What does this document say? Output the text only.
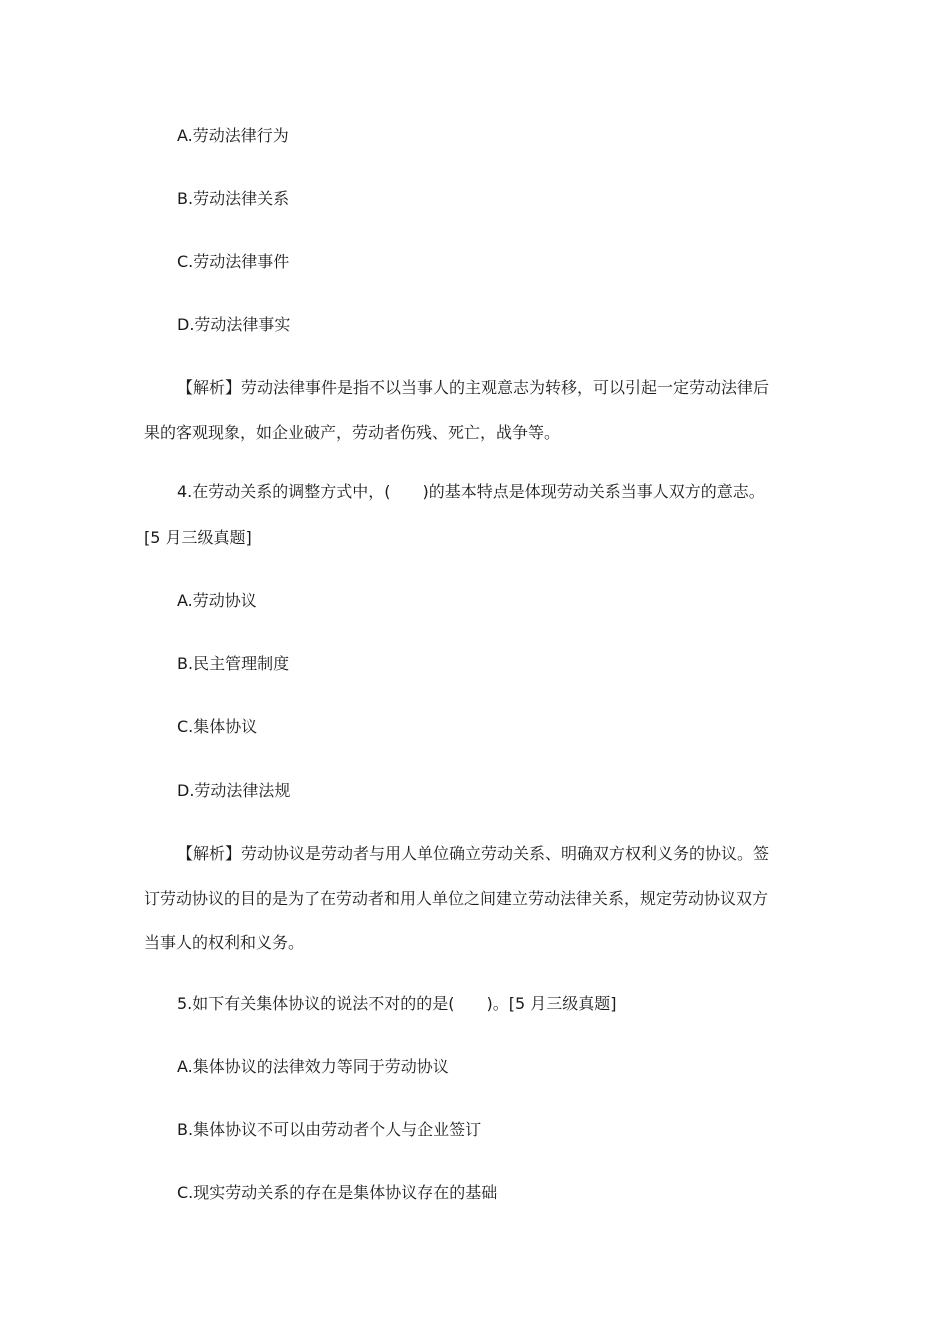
A.劳动法律行为
B.劳动法律关系
C.劳动法律事件
D.劳动法律事实
【解析】劳动法律事件是指不以当事人的主观意志为转移，可以引起一定劳动法律后
果的客观现象，如企业破产，劳动者伤残、死亡，战争等。
4.在劳动关系的调整方式中，(　　)的基本特点是体现劳动关系当事人双方的意志。
[5 月三级真题]
A.劳动协议
B.民主管理制度
C.集体协议
D.劳动法律法规
【解析】劳动协议是劳动者与用人单位确立劳动关系、明确双方权利义务的协议。签
订劳动协议的目的是为了在劳动者和用人单位之间建立劳动法律关系，规定劳动协议双方
当事人的权利和义务。
5.如下有关集体协议的说法不对的的是(　　)。[5 月三级真题]
A.集体协议的法律效力等同于劳动协议
B.集体协议不可以由劳动者个人与企业签订
C.现实劳动关系的存在是集体协议存在的基础
